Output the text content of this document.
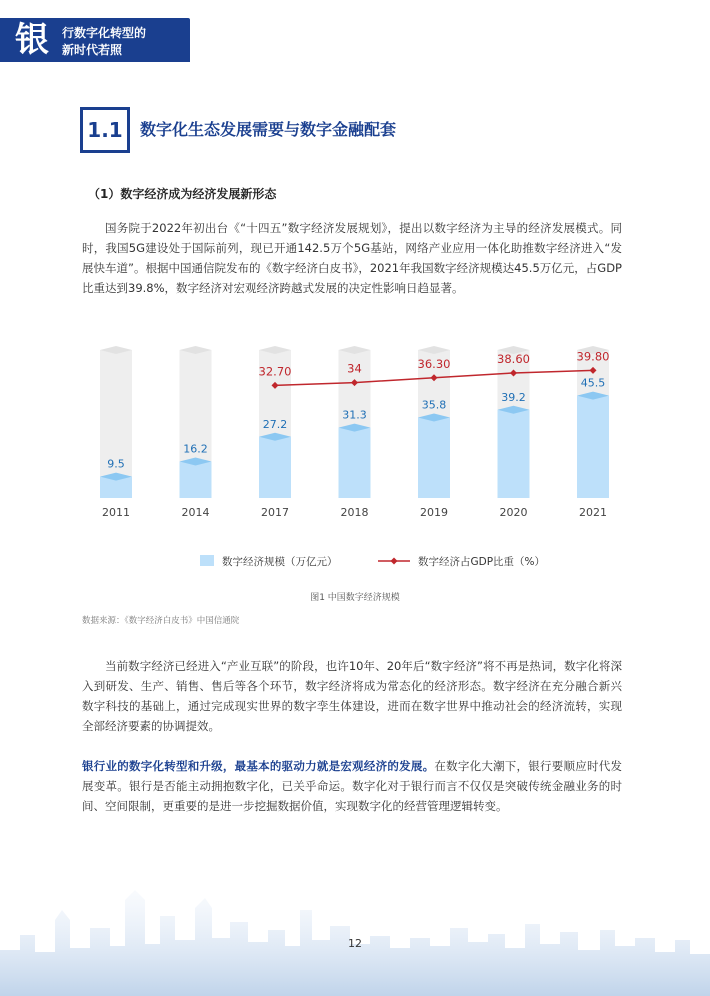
银	行数字化转型的
新时代若照
1.1	数字化生态发展需要与数字金融配套
（1）数字经济成为经济发展新形态
国务院于2022年初出台《“十四五”数字经济发展规划》，提出以数字经济为主导的经济发展模式。同时，我国5G建设处于国际前列，现已开通142.5万个5G基站，网络产业应用一体化助推数字经济进入“发展快车道”。根据中国通信院发布的《数字经济白皮书》，2021年我国数字经济规模达45.5万亿元，占GDP比重达到39.8%，数字经济对宏观经济跨越式发展的决定性影响日趋显著。
9.5
2011
16.2
2014
27.2
2017
31.3
2018
35.8
2019
39.2
2020
45.5
2021
32.70	34	36.30	38.60	39.80
数字经济规模（万亿元）	数字经济占GDP比重（%）
图1 中国数字经济规模
数据来源：《数字经济白皮书》中国信通院
当前数字经济已经进入“产业互联”的阶段，也许10年、20年后“数字经济”将不再是热词，数字化将深入到研发、生产、销售、售后等各个环节，数字经济将成为常态化的经济形态。数字经济在充分融合新兴数字科技的基础上，通过完成现实世界的数字孪生体建设，进而在数字世界中推动社会的经济流转，实现全部经济要素的协调提效。
银行业的数字化转型和升级，最基本的驱动力就是宏观经济的发展。在数字化大潮下，银行要顺应时代发展变革。银行是否能主动拥抱数字化，已关乎命运。数字化对于银行而言不仅仅是突破传统金融业务的时间、空间限制，更重要的是进一步挖掘数据价值，实现数字化的经营管理逻辑转变。
12
